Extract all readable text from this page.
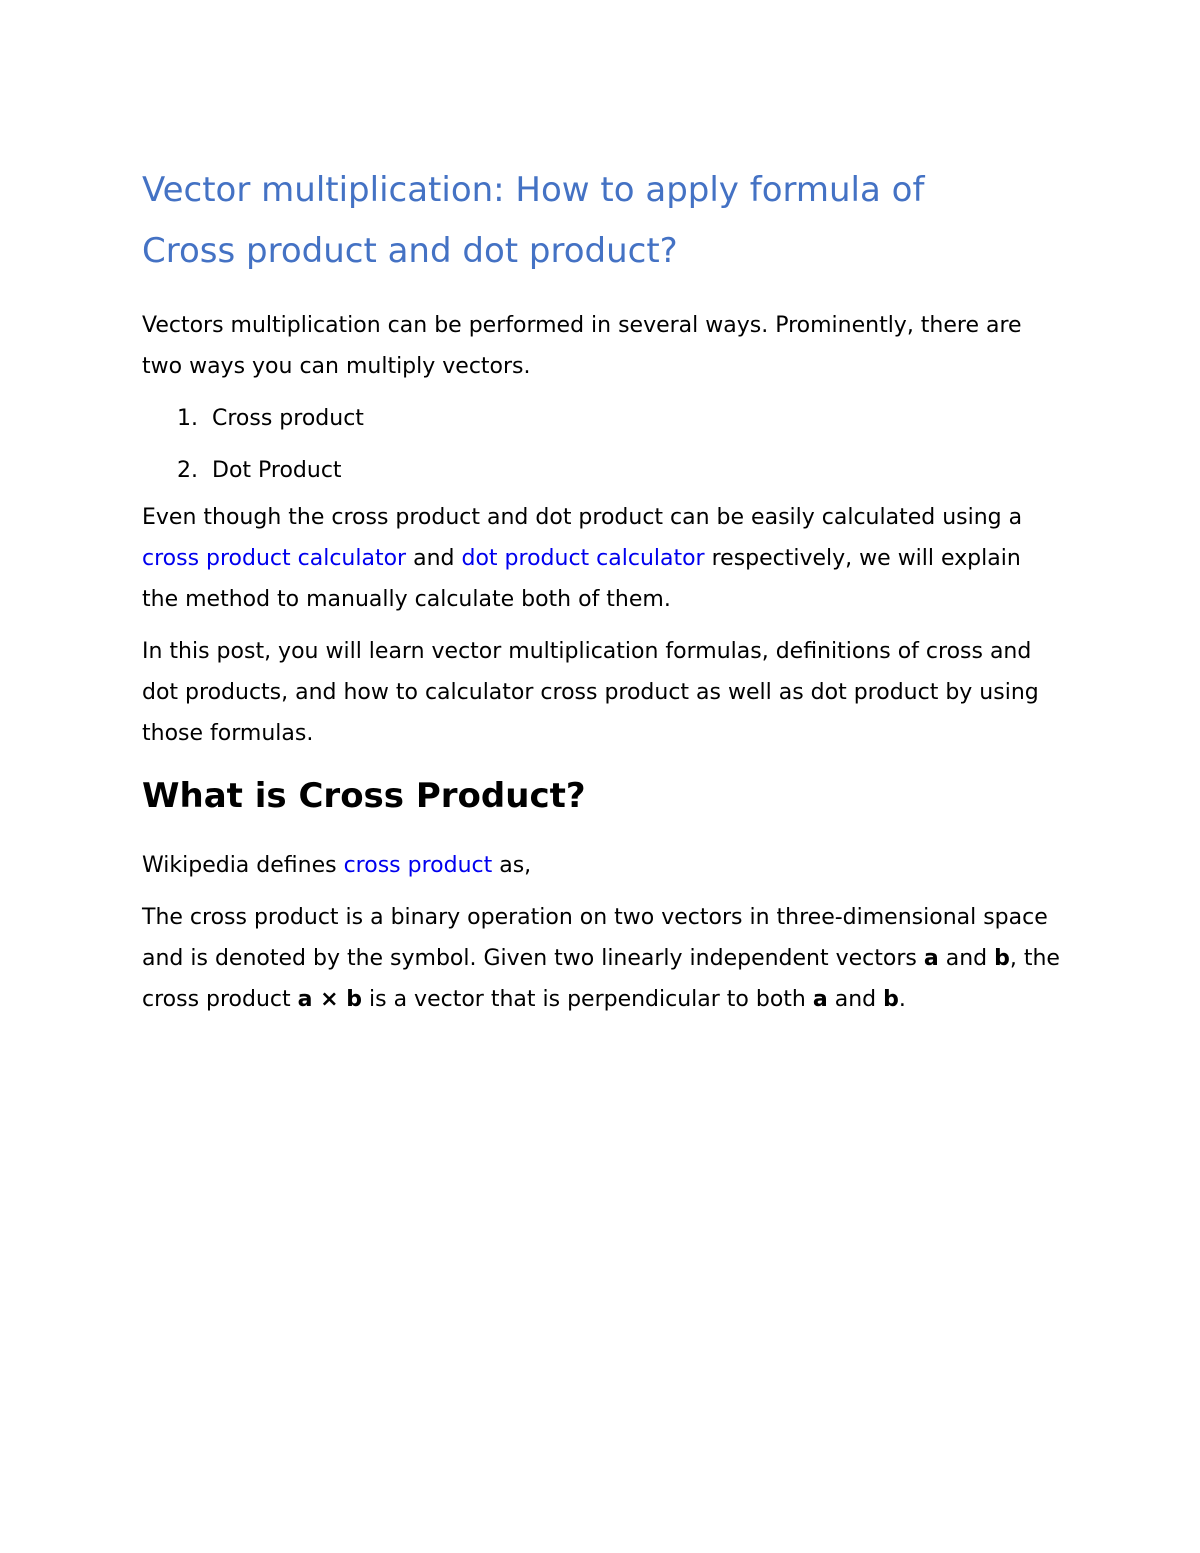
Vector multiplication: How to apply formula of
Cross product and dot product?

Vectors multiplication can be performed in several ways. Prominently, there are two ways you can multiply vectors.

1. Cross product
2. Dot Product

Even though the cross product and dot product can be easily calculated using a cross product calculator and dot product calculator respectively, we will explain the method to manually calculate both of them.

In this post, you will learn vector multiplication formulas, definitions of cross and dot products, and how to calculator cross product as well as dot product by using those formulas.

What is Cross Product?

Wikipedia defines cross product as,

The cross product is a binary operation on two vectors in three-dimensional space and is denoted by the symbol. Given two linearly independent vectors a and b, the cross product a × b is a vector that is perpendicular to both a and b.
